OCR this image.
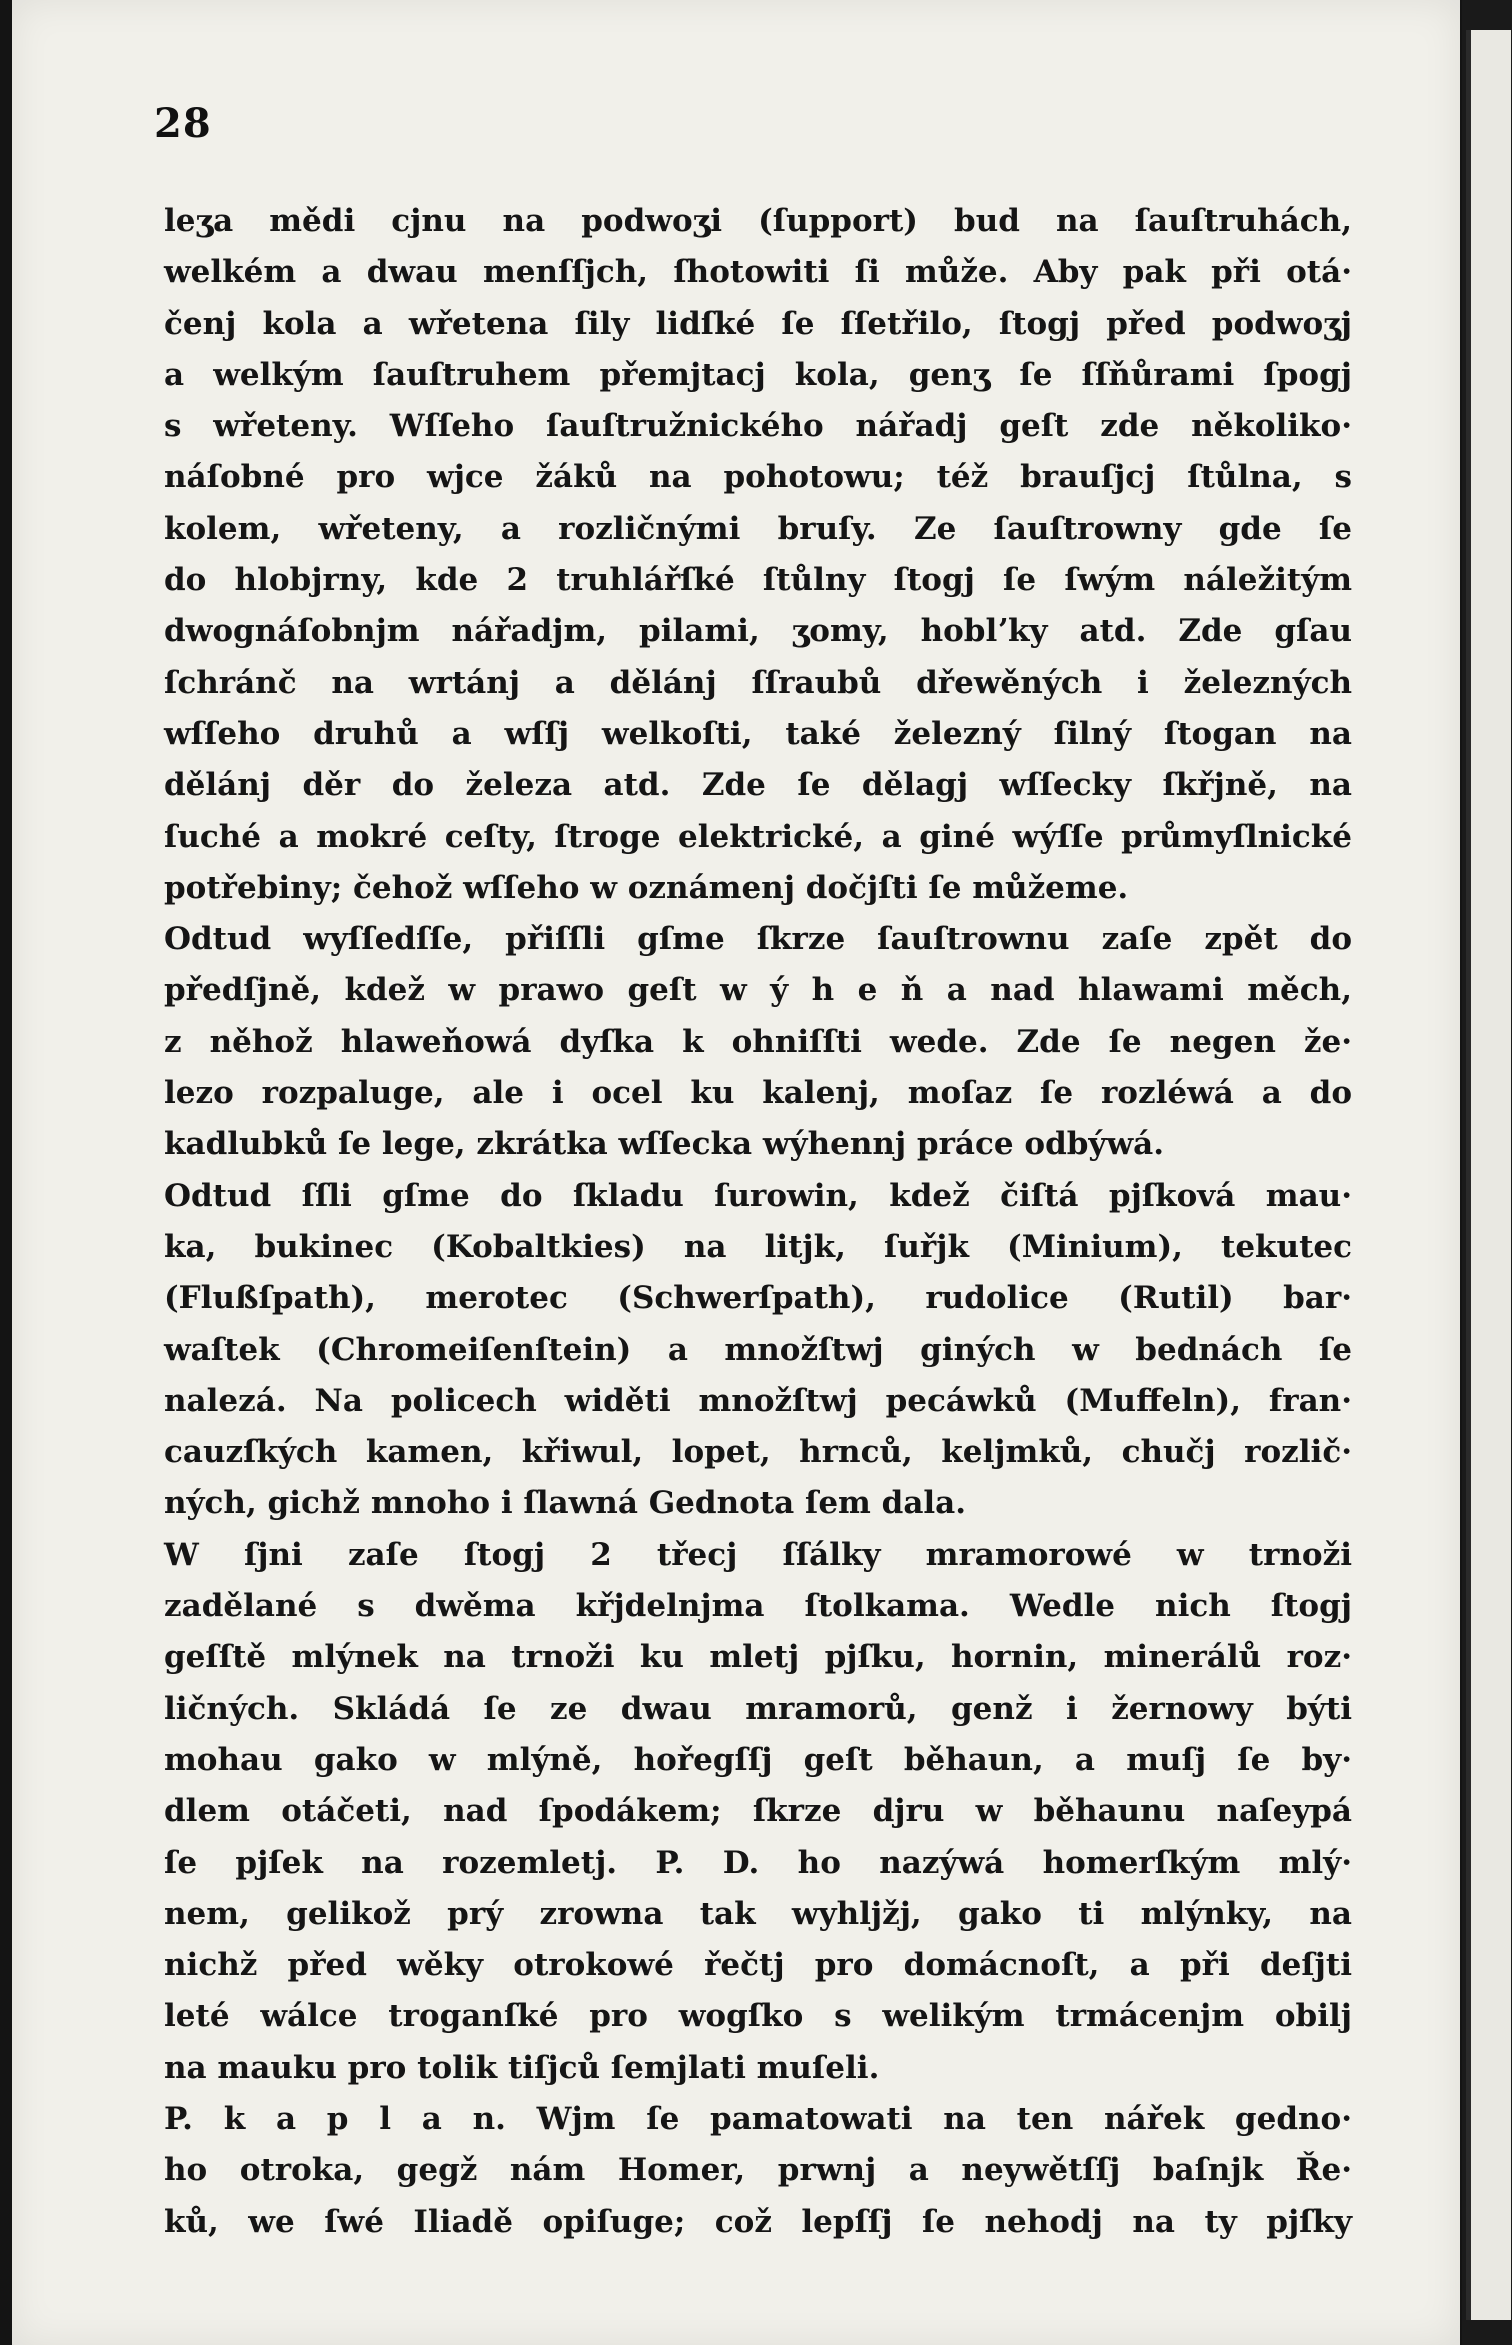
28
leʒa mědi cjnu na podwoʒi (ſupport) bud na ſauſtruhách,
welkém a dwau menſſjch, ſhotowiti ſi může. Aby pak při otá·
čenj kola a wřetena ſily lidſké ſe ſſetřilo, ſtogj před podwoʒj
a welkým ſauſtruhem přemjtacj kola, genʒ ſe ſſňůrami ſpogj
s wřeteny. Wſſeho ſauſtružnického nářadj geſt zde několiko·
náſobné pro wjce žáků na pohotowu; též brauſjcj ſtůlna, s
kolem, wřeteny, a rozličnými bruſy. Ze ſauſtrowny gde ſe
do hlobjrny, kde 2 truhlářſké ſtůlny ſtogj ſe ſwým náležitým
dwognáſobnjm nářadjm, pilami, ʒomy, hoblʼky atd. Zde gſau
ſchránč na wrtánj a dělánj ſſraubů dřewěných i železných
wſſeho druhů a wſſj welkoſti, také železný ſilný ſtogan na
dělánj děr do železa atd. Zde ſe dělagj wſſecky ſkřjně, na
ſuché a mokré ceſty, ſtroge elektrické, a giné wýſſe průmyſlnické
potřebiny; čehož wſſeho w oznámenj dočjſti ſe můžeme.
Odtud wyſſedſſe, přiſſli gſme ſkrze ſauſtrownu zaſe zpět do
předſjně, kdež w prawo geſt w ý h e ň a nad hlawami měch,
z něhož hlaweňowá dyſka k ohniſſti wede. Zde ſe negen že·
lezo rozpaluge, ale i ocel ku kalenj, moſaz ſe rozléwá a do
kadlubků ſe lege, zkrátka wſſecka wýhennj práce odbýwá.
Odtud ſſli gſme do ſkladu ſurowin, kdež čiſtá pjſková mau·
ka, bukinec (Kobaltkies) na litjk, ſuřjk (Minium), tekutec
(Flußſpath), merotec (Schwerſpath), rudolice (Rutil) bar·
waſtek (Chromeiſenſtein) a množſtwj giných w bednách ſe
nalezá. Na policech widěti množſtwj pecáwků (Muffeln), fran·
cauzſkých kamen, křiwul, lopet, hrnců, keljmků, chučj rozlič·
ných, gichž mnoho i ſlawná Gednota ſem dala.
W ſjni zaſe ſtogj 2 třecj ſſálky mramorowé w trnoži
zadělané s dwěma křjdelnjma ſtolkama. Wedle nich ſtogj
geſſtě mlýnek na trnoži ku mletj pjſku, hornin, minerálů roz·
ličných. Skládá ſe ze dwau mramorů, genž i žernowy býti
mohau gako w mlýně, hořegſſj geſt běhaun, a muſj ſe by·
dlem otáčeti, nad ſpodákem; ſkrze djru w běhaunu naſeypá
ſe pjſek na rozemletj. P. D. ho nazýwá homerſkým mlý·
nem, gelikož prý zrowna tak wyhljžj, gako ti mlýnky, na
nichž před wěky otrokowé řečtj pro domácnoſt, a při deſjti
leté wálce troganſké pro wogſko s welikým trmácenjm obilj
na mauku pro tolik tiſjců ſemjlati muſeli.
P. k a p l a n. Wjm ſe pamatowati na ten nářek gedno·
ho otroka, gegž nám Homer, prwnj a neywětſſj baſnjk Ře·
ků, we ſwé Iliadě opiſuge; což lepſſj ſe nehodj na ty pjſky
